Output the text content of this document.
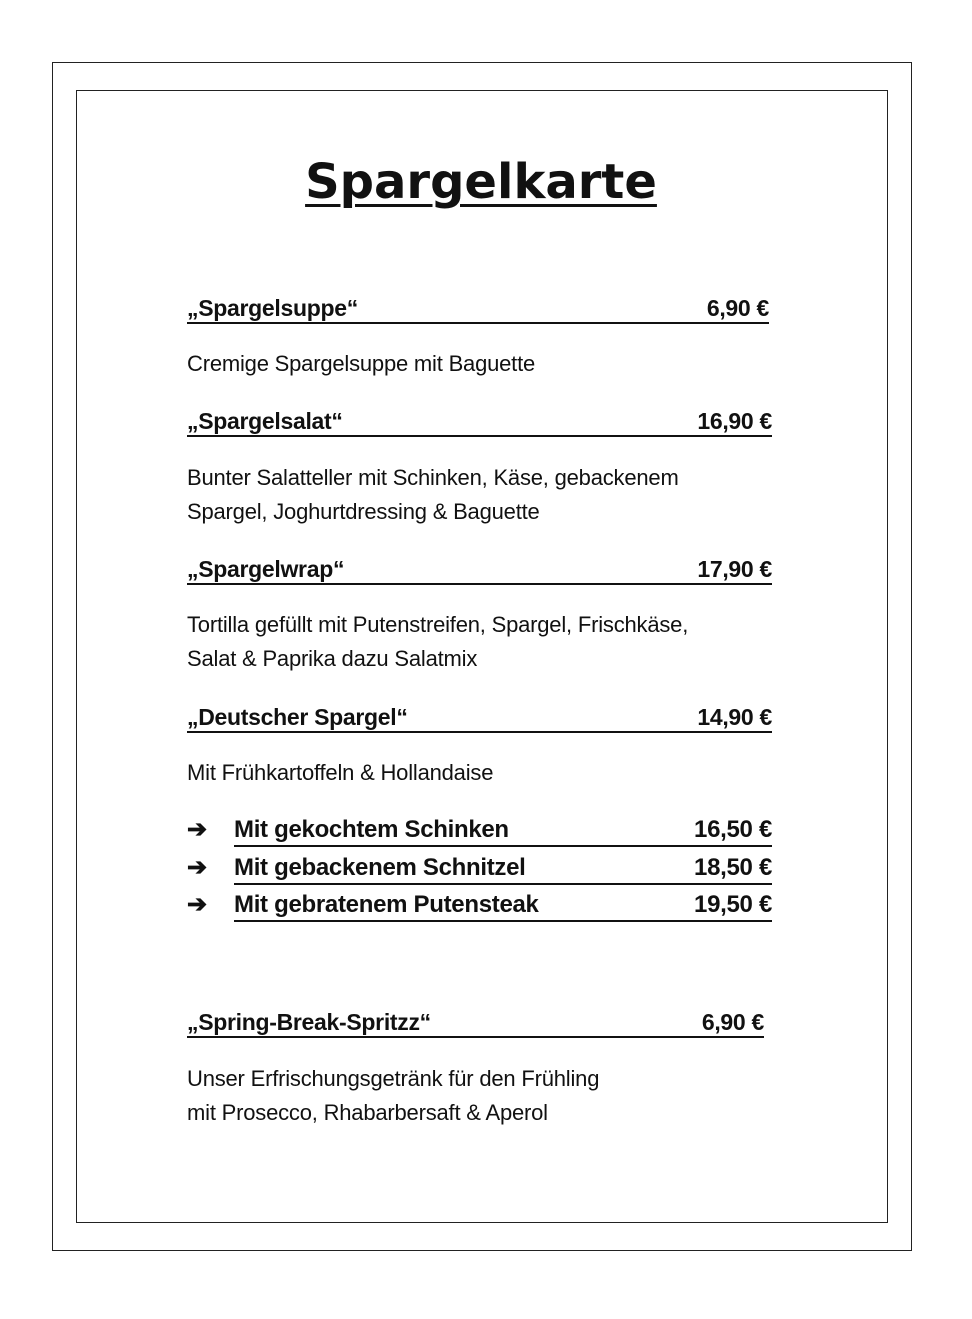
Spargelkarte
„Spargelsuppe“	6,90 €

Cremige Spargelsuppe mit Baguette

„Spargelsalat“	16,90 €

Bunter Salatteller mit Schinken, Käse, gebackenem
Spargel, Joghurtdressing & Baguette

„Spargelwrap“	17,90 €

Tortilla gefüllt mit Putenstreifen, Spargel, Frischkäse,
Salat & Paprika dazu Salatmix

„Deutscher Spargel“	14,90 €

Mit Frühkartoffeln & Hollandaise

➔ Mit gekochtem Schinken	16,50 €
➔ Mit gebackenem Schnitzel	18,50 €
➔ Mit gebratenem Putensteak	19,50 €
„Spring-Break-Spritzz“	6,90 €

Unser Erfrischungsgetränk für den Frühling
mit Prosecco, Rhabarbersaft & Aperol
